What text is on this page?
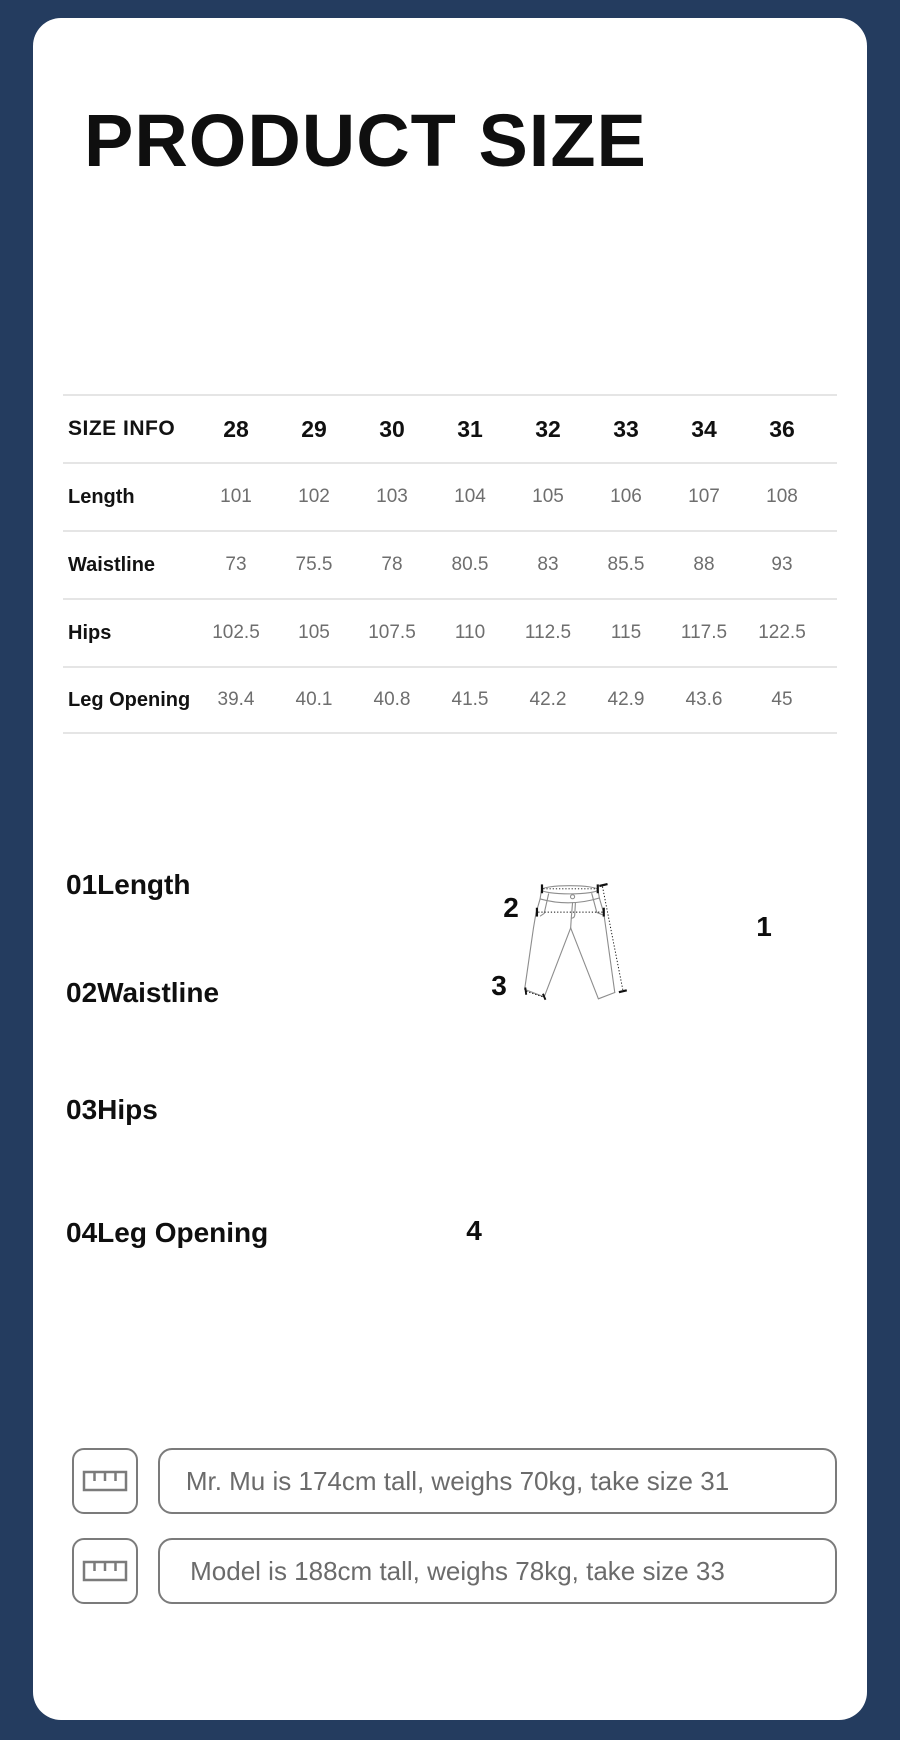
PRODUCT SIZE
SIZE INFO	28	29	30	31	32	33	34	36
Length	101	102	103	104	105	106	107	108
Waistline	73	75.5	78	80.5	83	85.5	88	93
Hips	102.5	105	107.5	110	112.5	115	117.5	122.5
Leg Opening	39.4	40.1	40.8	41.5	42.2	42.9	43.6	45
01Length
02Waistline
03Hips
04Leg Opening
1
2
3
4
Mr. Mu is 174cm tall, weighs 70kg, take size 31
Model is 188cm tall, weighs 78kg, take size 33
